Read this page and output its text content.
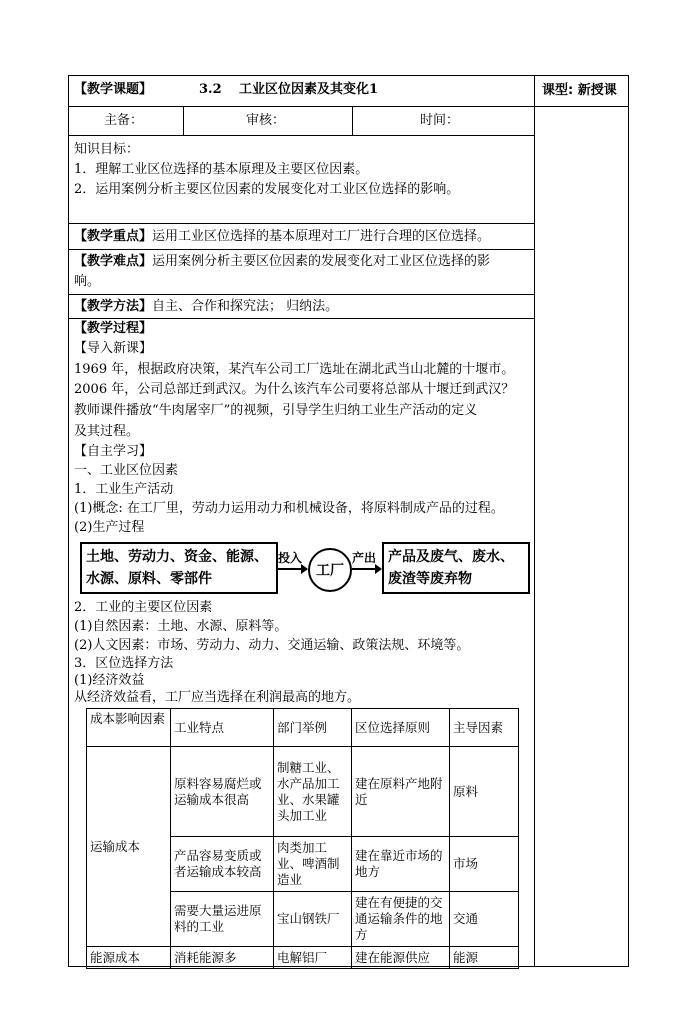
【教学课题】	3.2 工业区位因素及其变化1	课型: 新授课
主备：	审核：	时间：
知识目标：
1．理解工业区位选择的基本原理及主要区位因素。
2．运用案例分析主要区位因素的发展变化对工业区位选择的影响。
【教学重点】运用工业区位选择的基本原理对工厂进行合理的区位选择。
【教学难点】运用案例分析主要区位因素的发展变化对工业区位选择的影
响。
【教学方法】自主、合作和探究法； 归纳法。
【教学过程】
【导入新课】
1969 年，根据政府决策，某汽车公司工厂选址在湖北武当山北麓的十堰市。
2006 年，公司总部迁到武汉。为什么该汽车公司要将总部从十堰迁到武汉？
教师课件播放“牛肉屠宰厂”的视频，引导学生归纳工业生产活动的定义
及其过程。
【自主学习】
一、工业区位因素
1．工业生产活动
(1)概念: 在工厂里，劳动力运用动力和机械设备，将原料制成产品的过程。
(2)生产过程
土地、劳动力、资金、能源、水源、原料、零部件
投入
工厂
产出 产品及废气、废水、废渣等废弃物
2．工业的主要区位因素
(1)自然因素：土地、水源、原料等。
(2)人文因素：市场、劳动力、动力、交通运输、政策法规、环境等。
3．区位选择方法
(1)经济效益
从经济效益看，工厂应当选择在利润最高的地方。
成本影响因素	工业特点	部门举例	区位选择原则	主导因素
运输成本	原料容易腐烂或运输成本很高	制糖工业、水产品加工业、水果罐头加工业	建在原料产地附近	原料
	产品容易变质或者运输成本较高	肉类加工业、啤酒制造业	建在靠近市场的地方	市场
	需要大量运进原料的工业	宝山钢铁厂	建在有便捷的交通运输条件的地方	交通
能源成本	消耗能源多	电解铝厂	建在能源供应	能源
